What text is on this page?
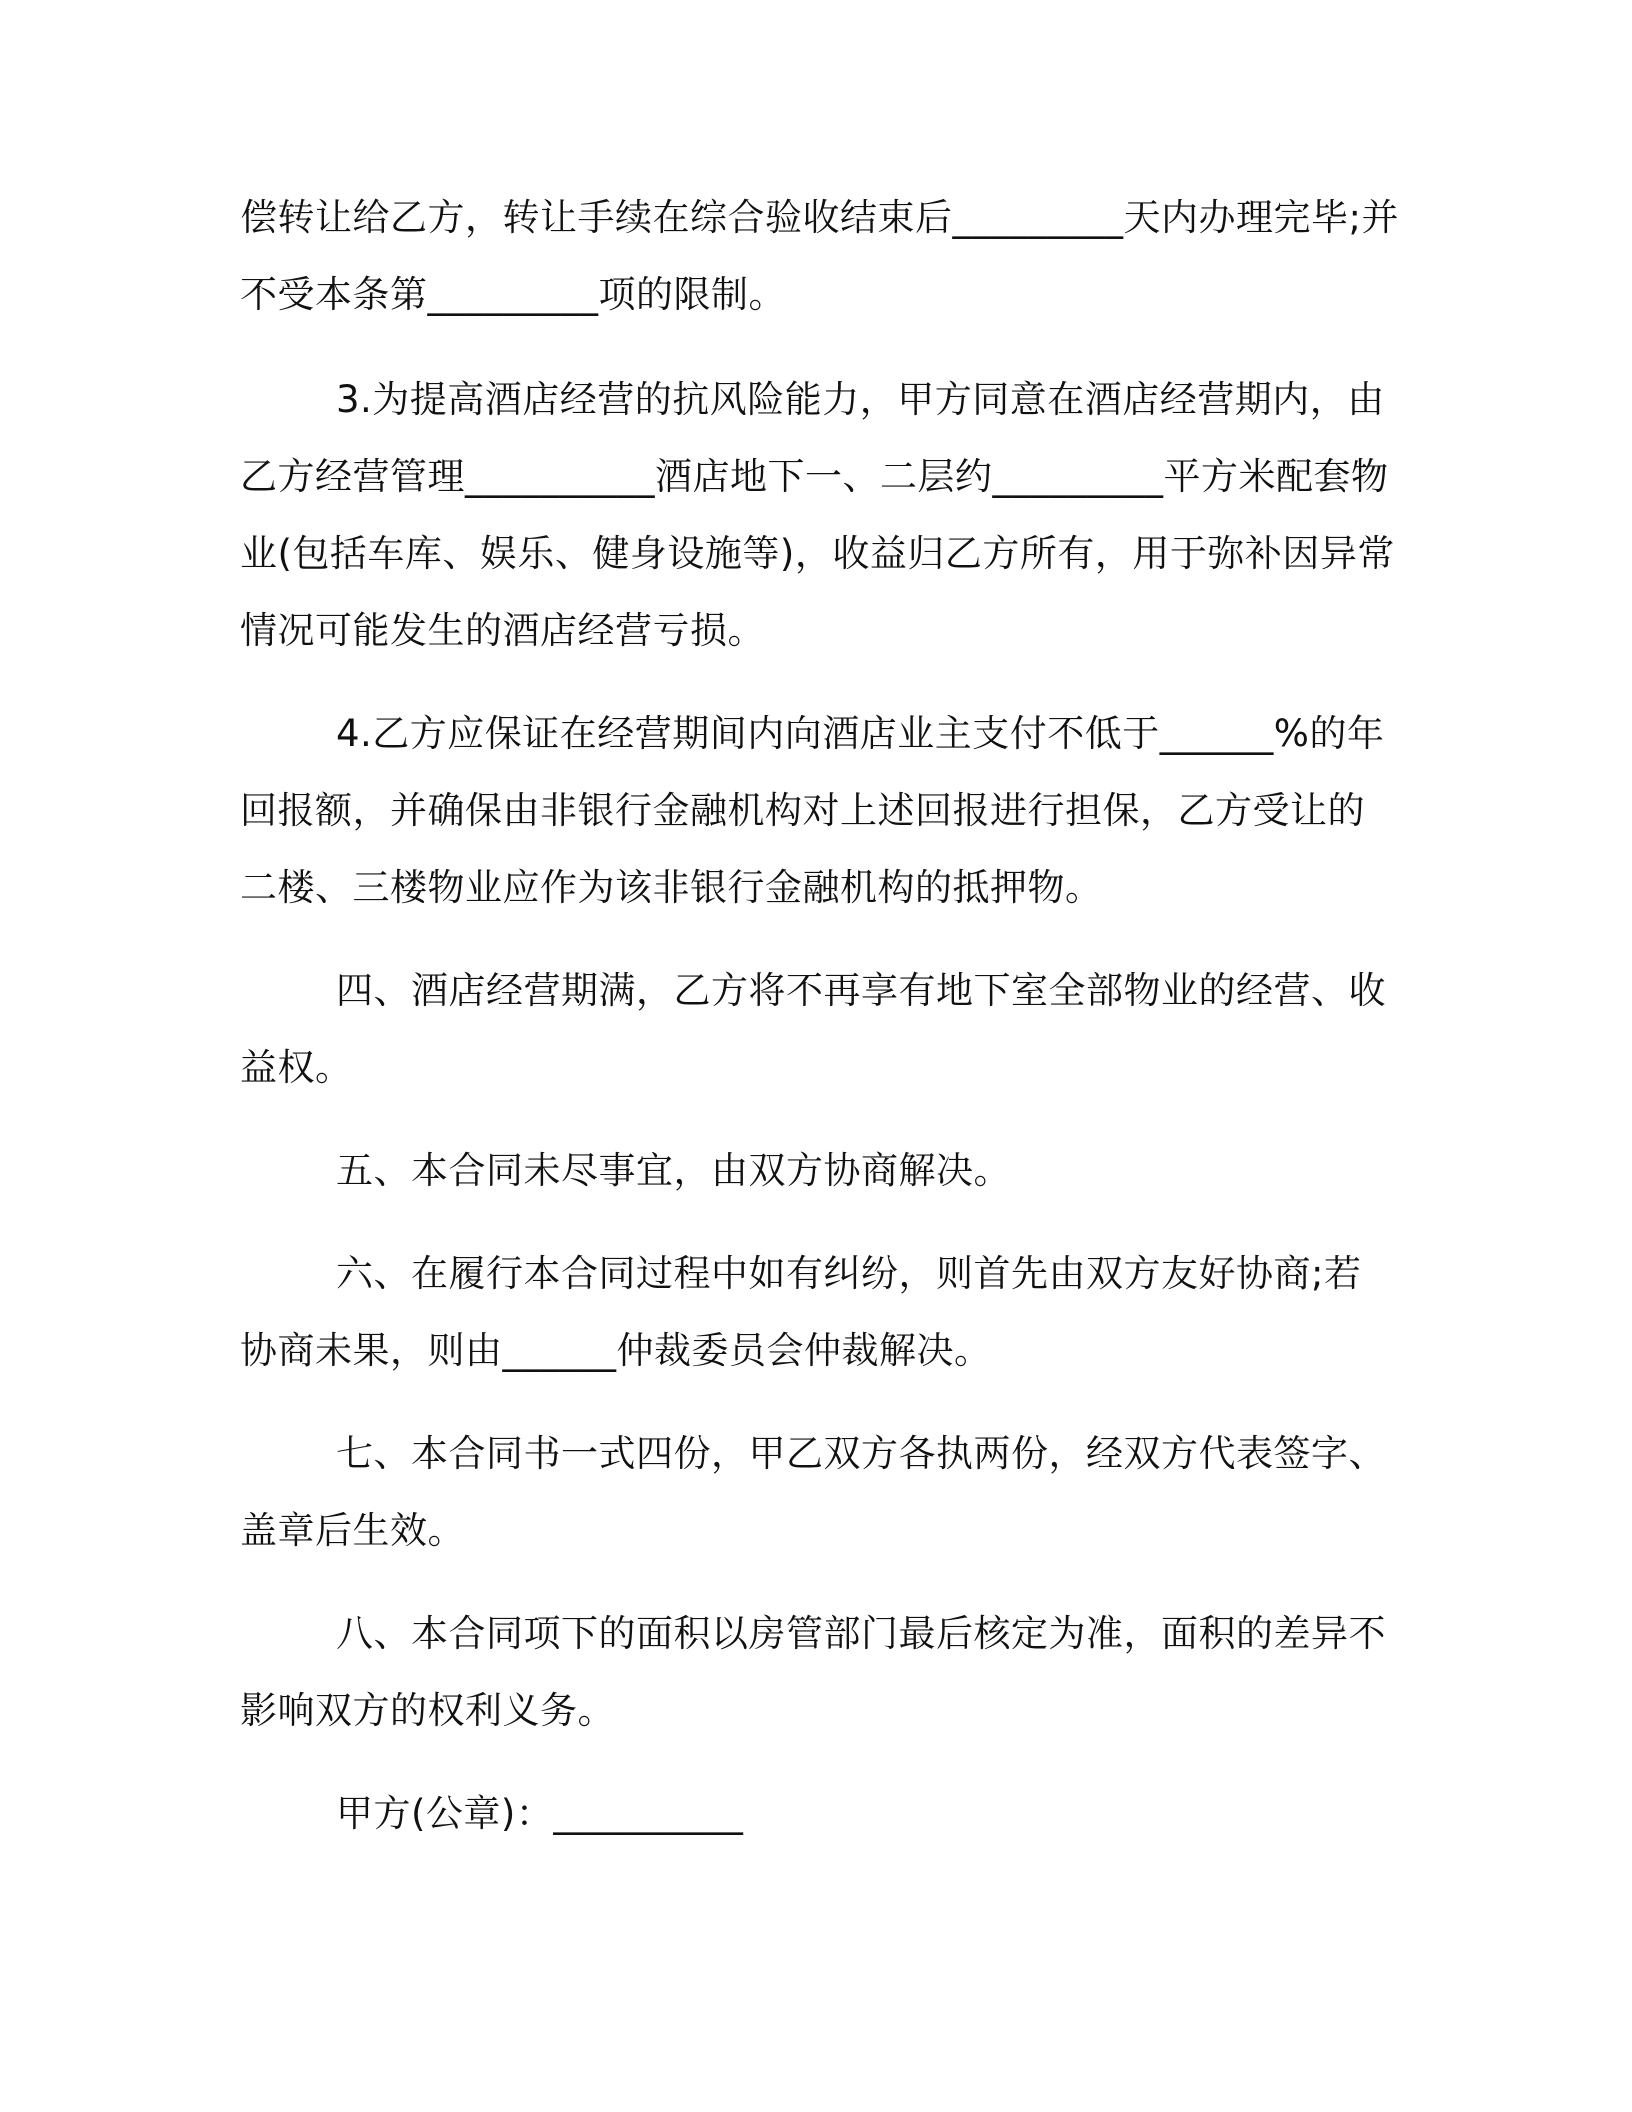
偿转让给乙方，转让手续在综合验收结束后_________天内办理完毕;并
不受本条第_________项的限制。
3.为提高酒店经营的抗风险能力，甲方同意在酒店经营期内，由
乙方经营管理__________酒店地下一、二层约_________平方米配套物
业(包括车库、娱乐、健身设施等)，收益归乙方所有，用于弥补因异常
情况可能发生的酒店经营亏损。
4.乙方应保证在经营期间内向酒店业主支付不低于______%的年
回报额，并确保由非银行金融机构对上述回报进行担保，乙方受让的
二楼、三楼物业应作为该非银行金融机构的抵押物。
四、酒店经营期满，乙方将不再享有地下室全部物业的经营、收
益权。
五、本合同未尽事宜，由双方协商解决。
六、在履行本合同过程中如有纠纷，则首先由双方友好协商;若
协商未果，则由______仲裁委员会仲裁解决。
七、本合同书一式四份，甲乙双方各执两份，经双方代表签字、
盖章后生效。
八、本合同项下的面积以房管部门最后核定为准，面积的差异不
影响双方的权利义务。
甲方(公章)：__________
